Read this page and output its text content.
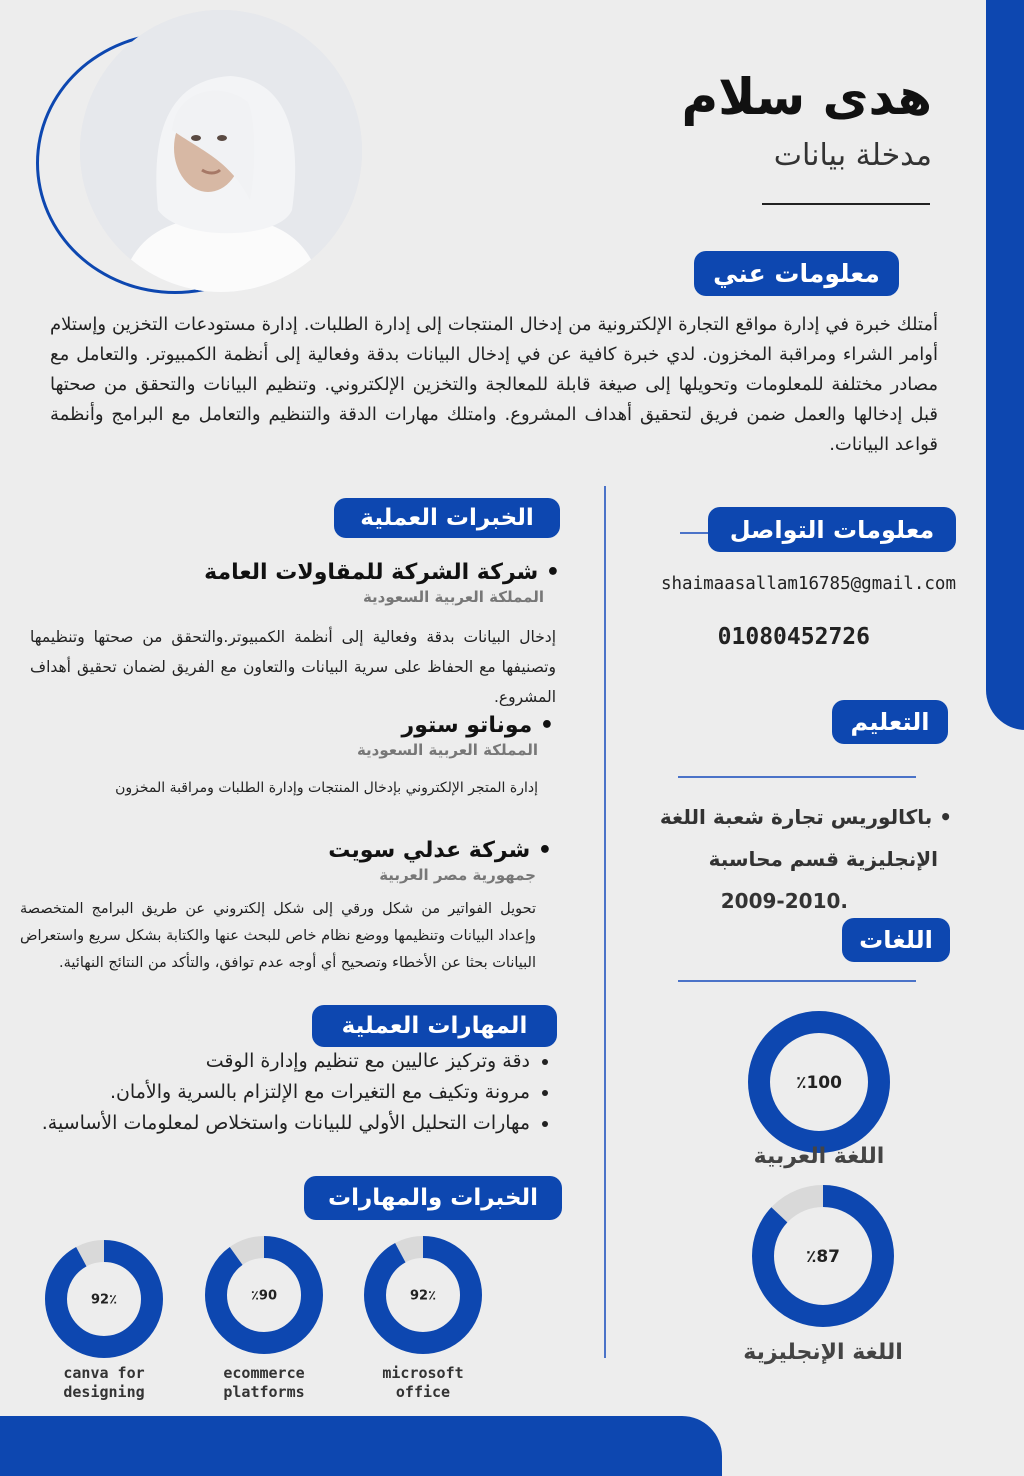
هدى سلام
مدخلة بيانات
معلومات عني
أمتلك خبرة في إدارة مواقع التجارة الإلكترونية من إدخال المنتجات إلى إدارة الطلبات. إدارة مستودعات التخزين وإستلام أوامر الشراء ومراقبة المخزون. لدي خبرة كافية عن في إدخال البيانات بدقة وفعالية إلى أنظمة الكمبيوتر. والتعامل مع مصادر مختلفة للمعلومات وتحويلها إلى صيغة قابلة للمعالجة والتخزين الإلكتروني. وتنظيم البيانات والتحقق من صحتها قبل إدخالها والعمل ضمن فريق لتحقيق أهداف المشروع. وامتلك مهارات الدقة والتنظيم والتعامل مع البرامج وأنظمة قواعد البيانات.
الخبرات العملية
• شركة الشركة للمقاولات العامة
المملكة العربية السعودية
إدخال البيانات بدقة وفعالية إلى أنظمة الكمبيوتر.والتحقق من صحتها وتنظيمها وتصنيفها مع الحفاظ على سرية البيانات والتعاون مع الفريق لضمان تحقيق أهداف المشروع.
• موناتو ستور
المملكة العربية السعودية
إدارة المتجر الإلكتروني بإدخال المنتجات وإدارة الطلبات ومراقبة المخزون
• شركة عدلي سويت
جمهورية مصر العربية
تحويل الفواتير من شكل ورقي إلى شكل إلكتروني عن طريق البرامج المتخصصة وإعداد البيانات وتنظيمها ووضع نظام خاص للبحث عنها والكتابة بشكل سريع واستعراض البيانات بحثا عن الأخطاء وتصحيح أي أوجه عدم توافق، والتأكد من النتائج النهائية.
المهارات العملية
• دقة وتركيز عاليين مع تنظيم وإدارة الوقت
• مرونة وتكيف مع التغيرات مع الإلتزام بالسرية والأمان.
• مهارات التحليل الأولي للبيانات واستخلاص لمعلومات الأساسية.
الخبرات والمهارات
92٪
microsoft
office
٪90
ecommerce
platforms
92٪
canva for
designing
معلومات التواصل
shaimaasallam16785@gmail.com
01080452726
التعليم
• باكالوريس تجارة شعبة اللغة
الإنجليزية قسم محاسبة
2009-2010.
اللغات
٪100
اللغة العربية
٪87
اللغة الإنجليزية
